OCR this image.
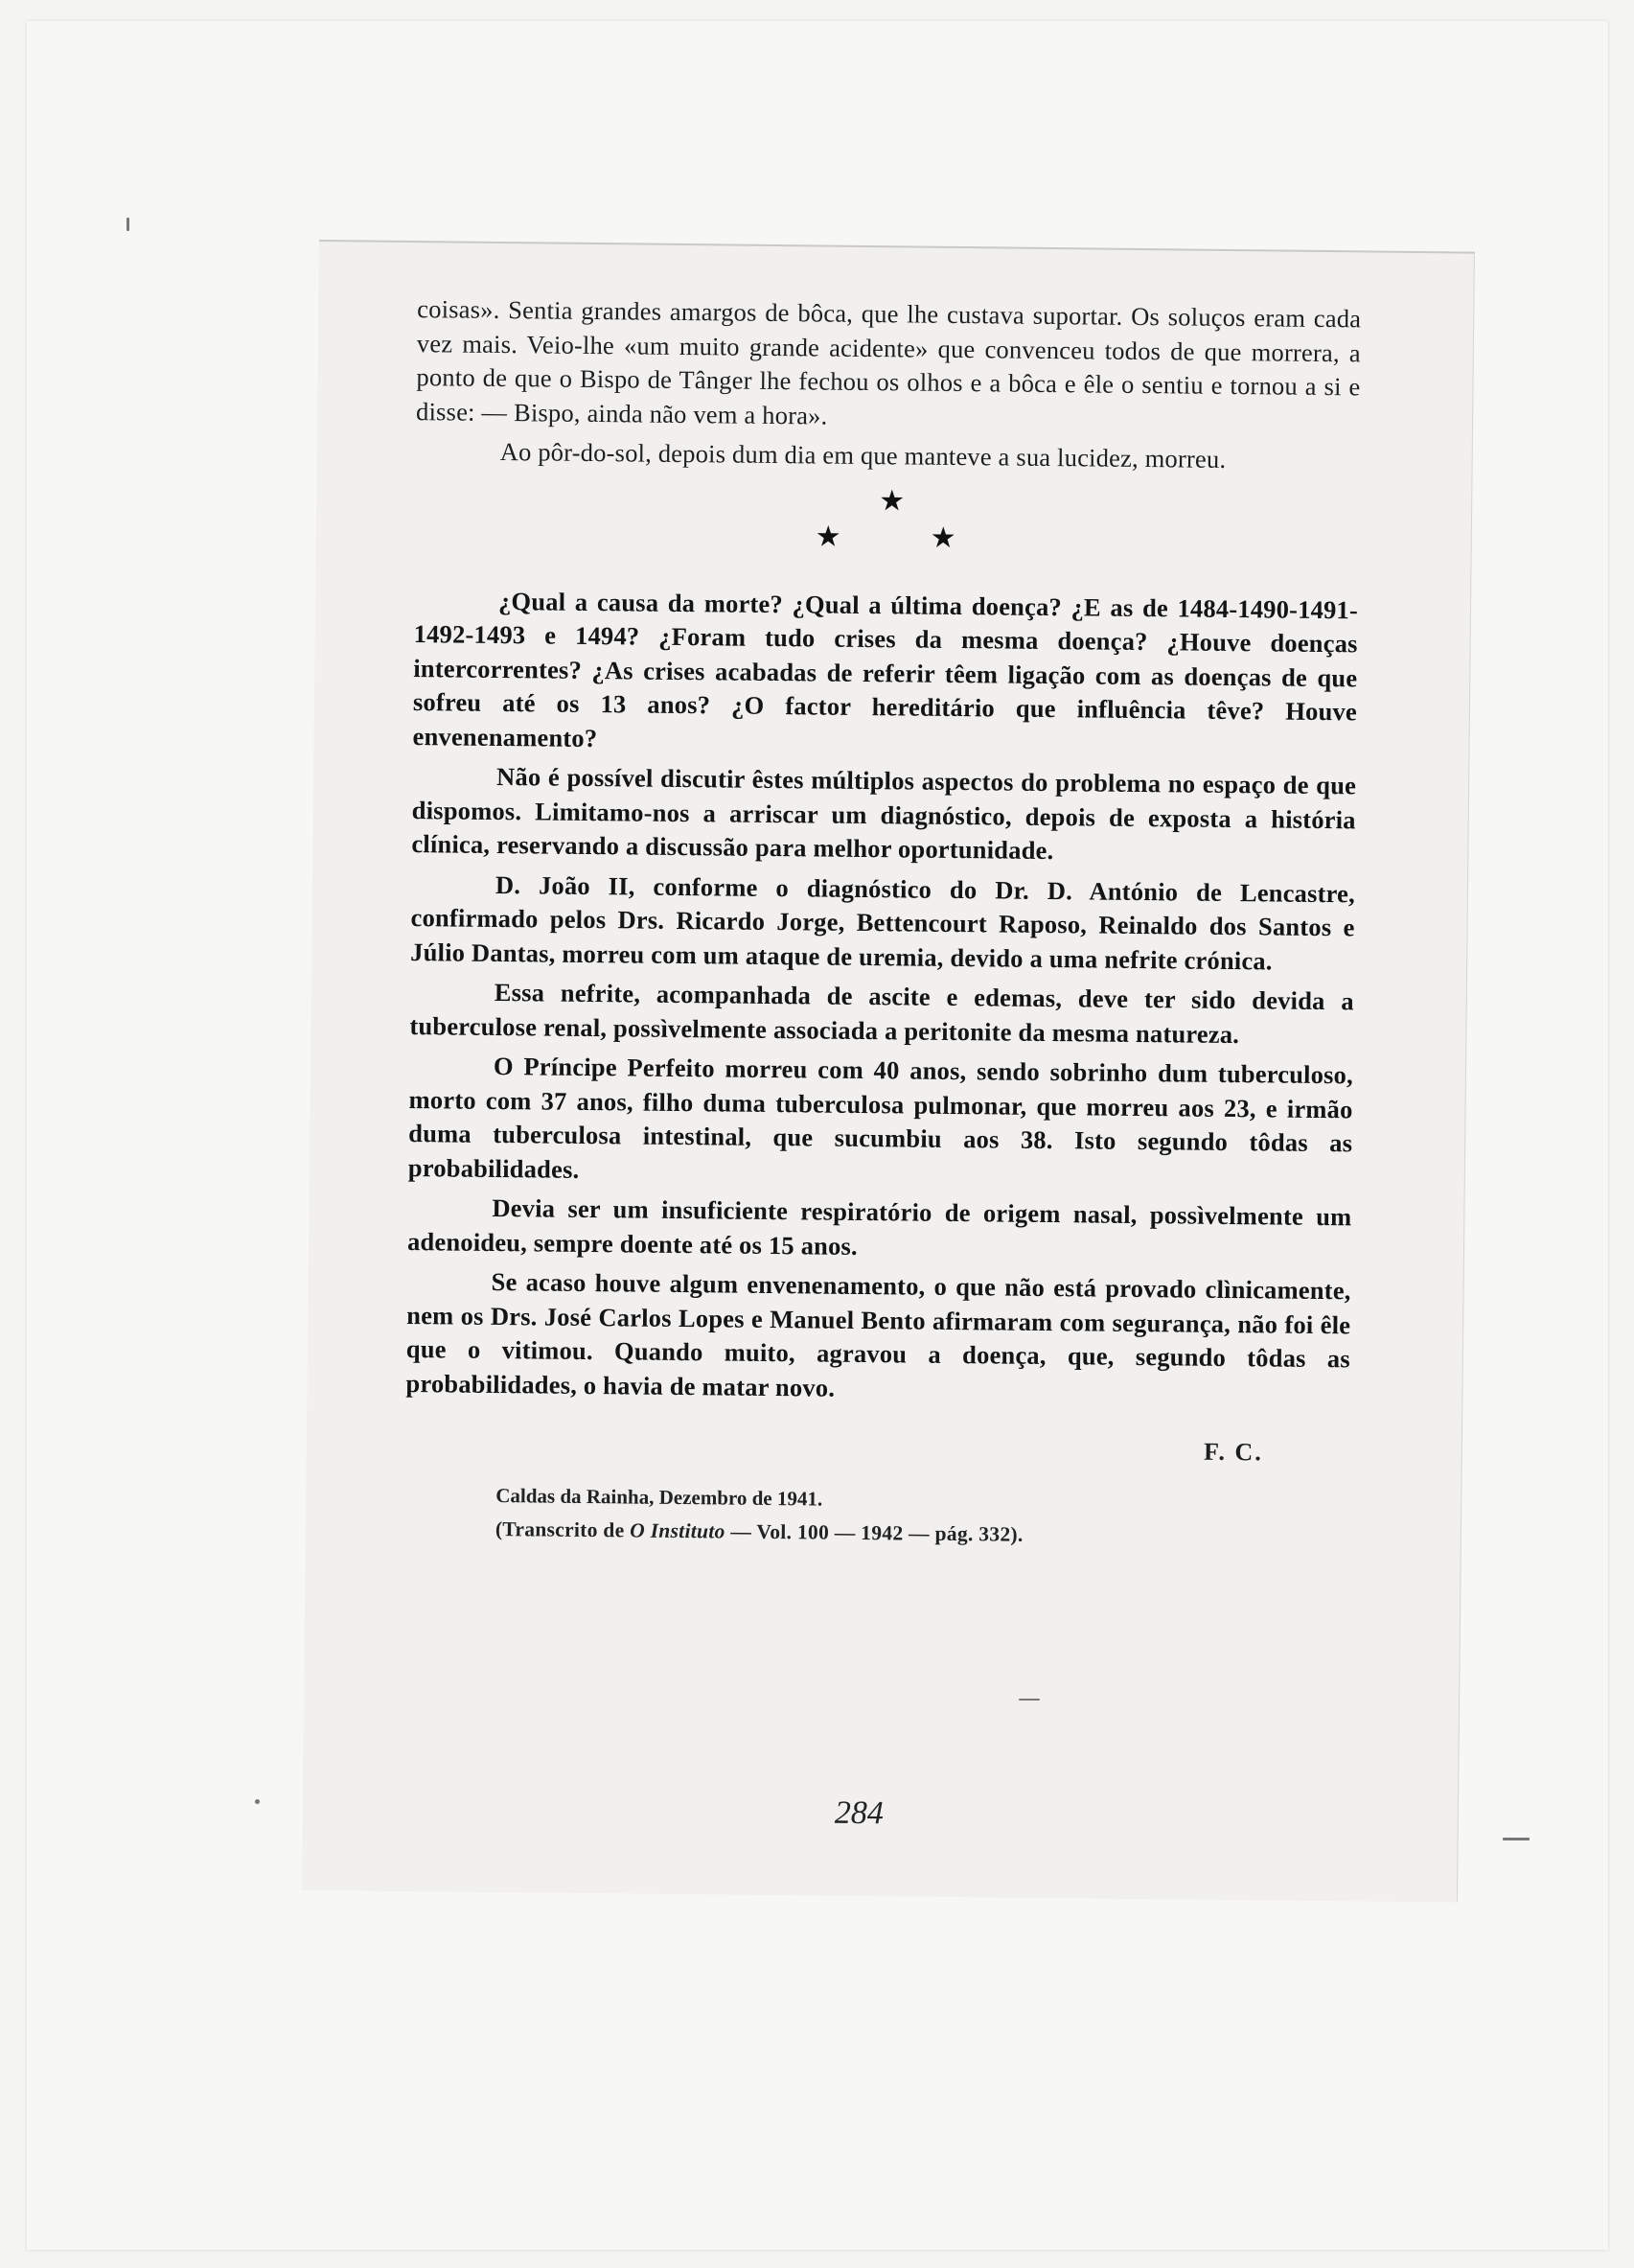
coisas». Sentia grandes amargos de bôca, que lhe custava suportar. Os soluços eram cada vez mais. Veio-lhe «um muito grande acidente» que convenceu todos de que morrera, a ponto de que o Bispo de Tânger lhe fechou os olhos e a bôca e êle o sentiu e tornou a si e disse: — Bispo, ainda não vem a hora».

Ao pôr-do-sol, depois dum dia em que manteve a sua lucidez, morreu.

★
★	★

¿Qual a causa da morte? ¿Qual a última doença? ¿E as de 1484-1490-1491-1492-1493 e 1494? ¿Foram tudo crises da mesma doença? ¿Houve doenças intercorrentes? ¿As crises acabadas de referir têem ligação com as doenças de que sofreu até os 13 anos? ¿O factor hereditário que influência têve? Houve envenenamento?

Não é possível discutir êstes múltiplos aspectos do problema no espaço de que dispomos. Limitamo-nos a arriscar um diagnóstico, depois de exposta a história clínica, reservando a discussão para melhor oportunidade.

D. João II, conforme o diagnóstico do Dr. D. António de Lencastre, confirmado pelos Drs. Ricardo Jorge, Bettencourt Raposo, Reinaldo dos Santos e Júlio Dantas, morreu com um ataque de uremia, devido a uma nefrite crónica.

Essa nefrite, acompanhada de ascite e edemas, deve ter sido devida a tuberculose renal, possìvelmente associada a peritonite da mesma natureza.

O Príncipe Perfeito morreu com 40 anos, sendo sobrinho dum tuberculoso, morto com 37 anos, filho duma tuberculosa pulmonar, que morreu aos 23, e irmão duma tuberculosa intestinal, que sucumbiu aos 38. Isto segundo tôdas as probabilidades.

Devia ser um insuficiente respiratório de origem nasal, possìvelmente um adenoideu, sempre doente até os 15 anos.

Se acaso houve algum envenenamento, o que não está provado clìnicamente, nem os Drs. José Carlos Lopes e Manuel Bento afirmaram com segurança, não foi êle que o vitimou. Quando muito, agravou a doença, que, segundo tôdas as probabilidades, o havia de matar novo.

F. C.
Caldas da Rainha, Dezembro de 1941.
(Transcrito de O Instituto — Vol. 100 — 1942 — pág. 332).
284
